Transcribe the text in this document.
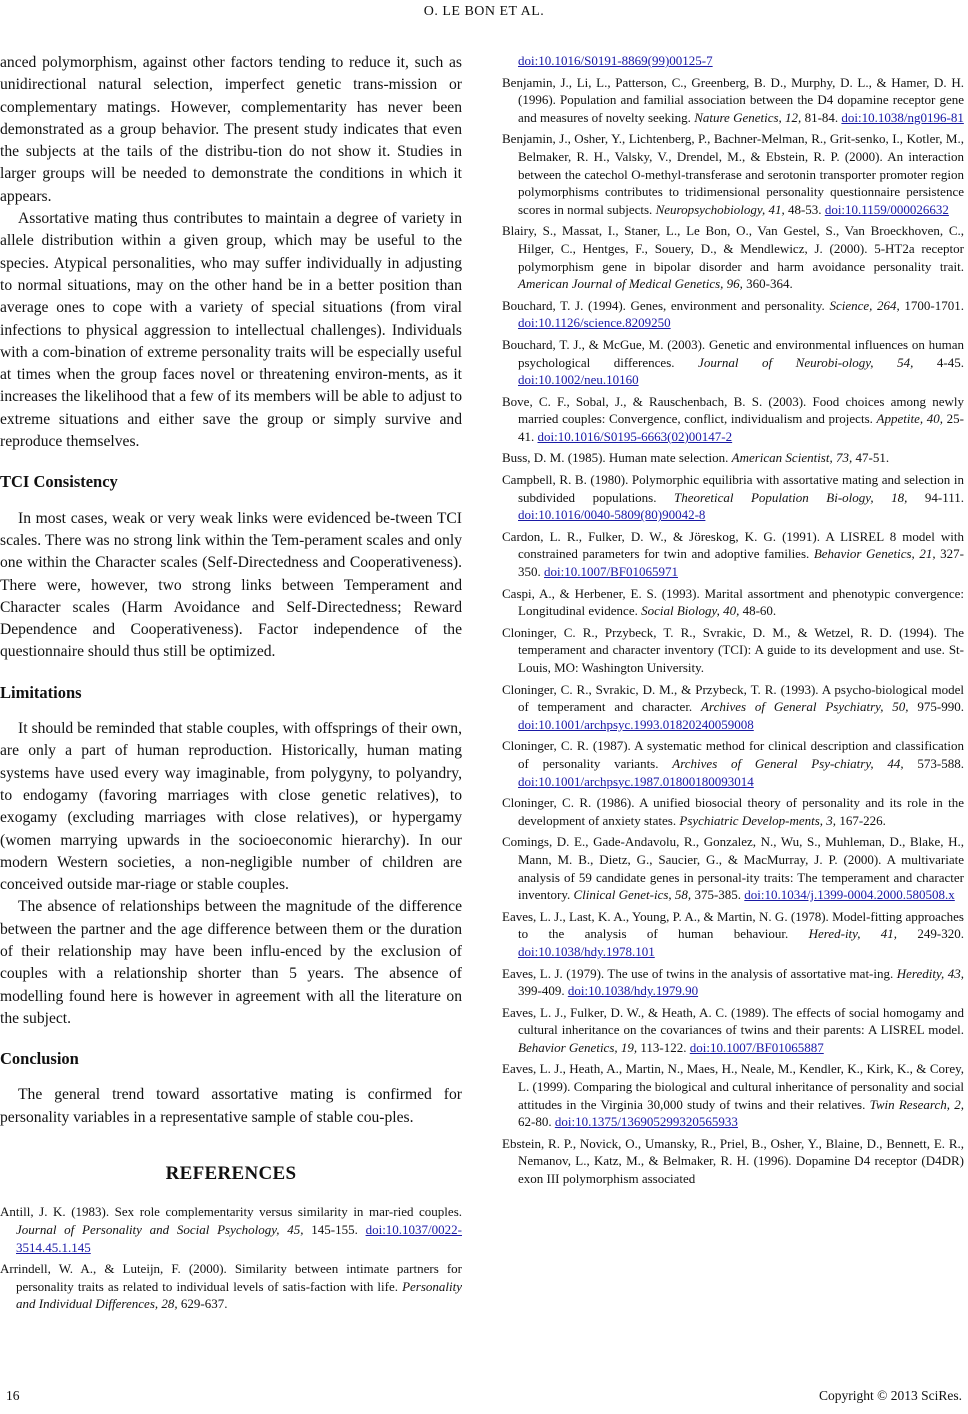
O. LE BON ET AL.

anced polymorphism, against other factors tending to reduce it, such as unidirectional natural selection, imperfect genetic trans-mission or complementary matings. However, complementarity has never been demonstrated as a group behavior. The present study indicates that even the subjects at the tails of the distribu-tion do not show it. Studies in larger groups will be needed to demonstrate the conditions in which it appears.

Assortative mating thus contributes to maintain a degree of variety in allele distribution within a given group, which may be useful to the species. Atypical personalities, who may suffer individually in adjusting to normal situations, may on the other hand be in a better position than average ones to cope with a variety of special situations (from viral infections to physical aggression to intellectual challenges). Individuals with a com-bination of extreme personality traits will be especially useful at times when the group faces novel or threatening environ-ments, as it increases the likelihood that a few of its members will be able to adjust to extreme situations and either save the group or simply survive and reproduce themselves.

TCI Consistency

In most cases, weak or very weak links were evidenced be-tween TCI scales. There was no strong link within the Tem-perament scales and only one within the Character scales (Self-Directedness and Cooperativeness). There were, however, two strong links between Temperament and Character scales (Harm Avoidance and Self-Directedness; Reward Dependence and Cooperativeness). Factor independence of the questionnaire should thus still be optimized.

Limitations

It should be reminded that stable couples, with offsprings of their own, are only a part of human reproduction. Historically, human mating systems have used every way imaginable, from polygyny, to polyandry, to endogamy (favoring marriages with close genetic relatives), to exogamy (excluding marriages with close relatives), or hypergamy (women marrying upwards in the socioeconomic hierarchy). In our modern Western societies, a non-negligible number of children are conceived outside mar-riage or stable couples.

The absence of relationships between the magnitude of the difference between the partner and the age difference between them or the duration of their relationship may have been influ-enced by the exclusion of couples with a relationship shorter than 5 years. The absence of modelling found here is however in agreement with all the literature on the subject.

Conclusion

The general trend toward assortative mating is confirmed for personality variables in a representative sample of stable cou-ples.

REFERENCES
Antill, J. K. (1983). Sex role complementarity versus similarity in mar-ried couples. Journal of Personality and Social Psychology, 45, 145-155. doi:10.1037/0022-3514.45.1.145
Arrindell, W. A., & Luteijn, F. (2000). Similarity between intimate partners for personality traits as related to individual levels of satis-faction with life. Personality and Individual Differences, 28, 629-637.
doi:10.1016/S0191-8869(99)00125-7
Benjamin, J., Li, L., Patterson, C., Greenberg, B. D., Murphy, D. L., & Hamer, D. H. (1996). Population and familial association between the D4 dopamine receptor gene and measures of novelty seeking. Nature Genetics, 12, 81-84. doi:10.1038/ng0196-81
Benjamin, J., Osher, Y., Lichtenberg, P., Bachner-Melman, R., Grit-senko, I., Kotler, M., Belmaker, R. H., Valsky, V., Drendel, M., & Ebstein, R. P. (2000). An interaction between the catechol O-methyl-transferase and serotonin transporter promoter region polymorphisms contributes to tridimensional personality questionnaire persistence scores in normal subjects. Neuropsychobiology, 41, 48-53. doi:10.1159/000026632
Blairy, S., Massat, I., Staner, L., Le Bon, O., Van Gestel, S., Van Broeckhoven, C., Hilger, C., Hentges, F., Souery, D., & Mendlewicz, J. (2000). 5-HT2a receptor polymorphism gene in bipolar disorder and harm avoidance personality trait. American Journal of Medical Genetics, 96, 360-364.
Bouchard, T. J. (1994). Genes, environment and personality. Science, 264, 1700-1701. doi:10.1126/science.8209250
Bouchard, T. J., & McGue, M. (2003). Genetic and environmental influences on human psychological differences. Journal of Neurobi-ology, 54, 4-45. doi:10.1002/neu.10160
Bove, C. F., Sobal, J., & Rauschenbach, B. S. (2003). Food choices among newly married couples: Convergence, conflict, individualism and projects. Appetite, 40, 25-41. doi:10.1016/S0195-6663(02)00147-2
Buss, D. M. (1985). Human mate selection. American Scientist, 73, 47-51.
Campbell, R. B. (1980). Polymorphic equilibria with assortative mating and selection in subdivided populations. Theoretical Population Bi-ology, 18, 94-111. doi:10.1016/0040-5809(80)90042-8
Cardon, L. R., Fulker, D. W., & Jöreskog, K. G. (1991). A LISREL 8 model with constrained parameters for twin and adoptive families. Behavior Genetics, 21, 327-350. doi:10.1007/BF01065971
Caspi, A., & Herbener, E. S. (1993). Marital assortment and phenotypic convergence: Longitudinal evidence. Social Biology, 40, 48-60.
Cloninger, C. R., Przybeck, T. R., Svrakic, D. M., & Wetzel, R. D. (1994). The temperament and character inventory (TCI): A guide to its development and use. St-Louis, MO: Washington University.
Cloninger, C. R., Svrakic, D. M., & Przybeck, T. R. (1993). A psycho-biological model of temperament and character. Archives of General Psychiatry, 50, 975-990. doi:10.1001/archpsyc.1993.01820240059008
Cloninger, C. R. (1987). A systematic method for clinical description and classification of personality variants. Archives of General Psy-chiatry, 44, 573-588. doi:10.1001/archpsyc.1987.01800180093014
Cloninger, C. R. (1986). A unified biosocial theory of personality and its role in the development of anxiety states. Psychiatric Develop-ments, 3, 167-226.
Comings, D. E., Gade-Andavolu, R., Gonzalez, N., Wu, S., Muhleman, D., Blake, H., Mann, M. B., Dietz, G., Saucier, G., & MacMurray, J. P. (2000). A multivariate analysis of 59 candidate genes in personal-ity traits: The temperament and character inventory. Clinical Genet-ics, 58, 375-385. doi:10.1034/j.1399-0004.2000.580508.x
Eaves, L. J., Last, K. A., Young, P. A., & Martin, N. G. (1978). Model-fitting approaches to the analysis of human behaviour. Hered-ity, 41, 249-320. doi:10.1038/hdy.1978.101
Eaves, L. J. (1979). The use of twins in the analysis of assortative mat-ing. Heredity, 43, 399-409. doi:10.1038/hdy.1979.90
Eaves, L. J., Fulker, D. W., & Heath, A. C. (1989). The effects of social homogamy and cultural inheritance on the covariances of twins and their parents: A LISREL model. Behavior Genetics, 19, 113-122. doi:10.1007/BF01065887
Eaves, L. J., Heath, A., Martin, N., Maes, H., Neale, M., Kendler, K., Kirk, K., & Corey, L. (1999). Comparing the biological and cultural inheritance of personality and social attitudes in the Virginia 30,000 study of twins and their relatives. Twin Research, 2, 62-80. doi:10.1375/136905299320565933
Ebstein, R. P., Novick, O., Umansky, R., Priel, B., Osher, Y., Blaine, D., Bennett, E. R., Nemanov, L., Katz, M., & Belmaker, R. H. (1996). Dopamine D4 receptor (D4DR) exon III polymorphism associated
16	Copyright © 2013 SciRes.
